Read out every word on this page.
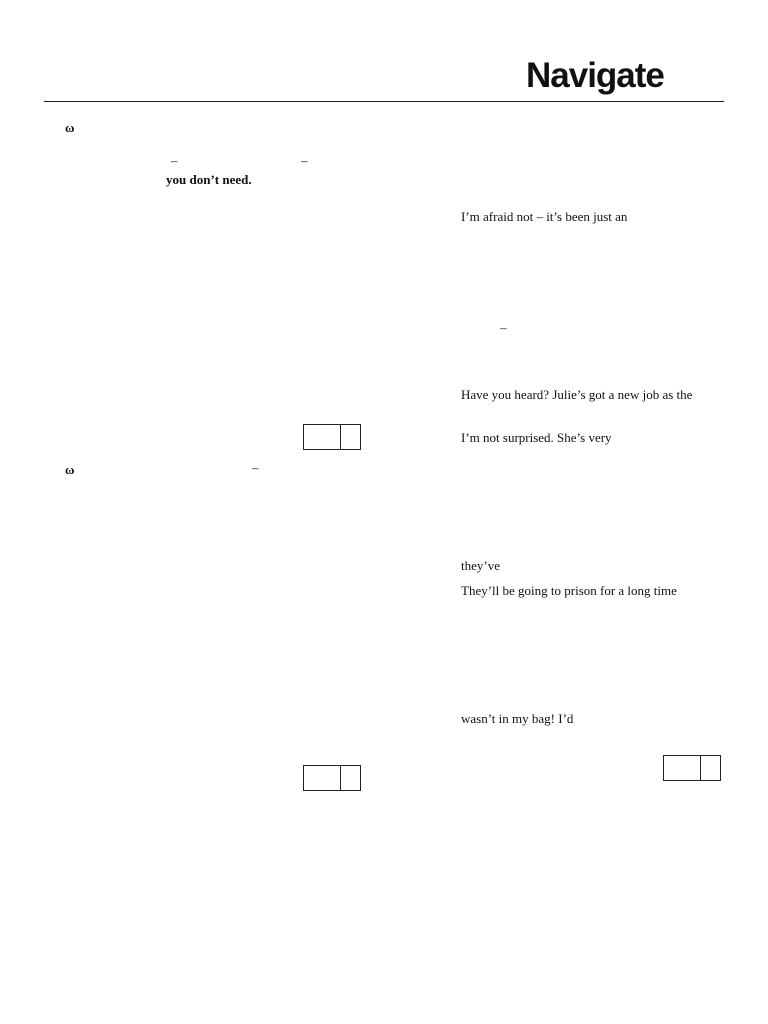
Navigate
ω
–	–
you don’t need.
ω	–
I’m afraid not – it’s been just an
–
Have you heard? Julie’s got a new job as the
I’m not surprised. She’s very
they’ve
They’ll be going to prison for a long time
wasn’t in my bag! I’d
